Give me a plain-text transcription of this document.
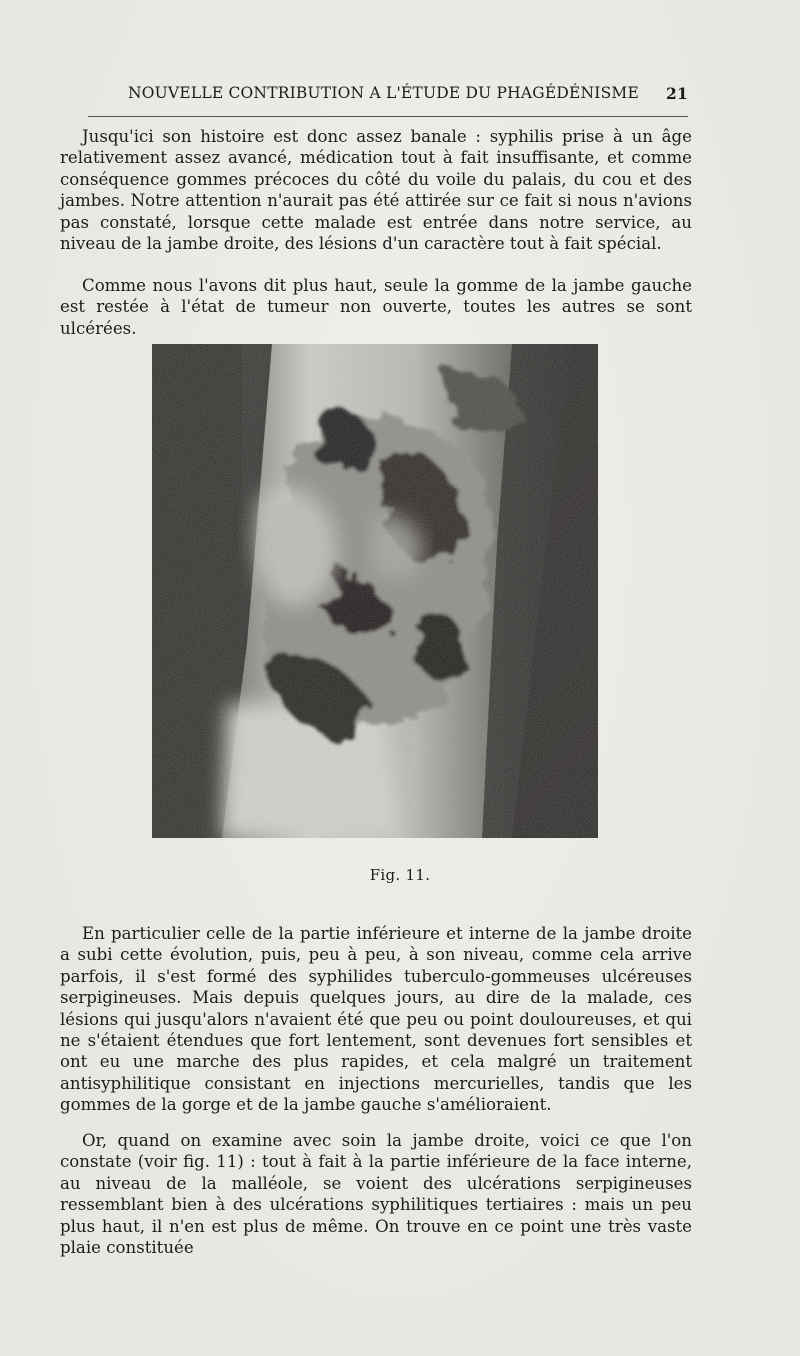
NOUVELLE CONTRIBUTION A L'ÉTUDE DU PHAGÉDÉNISME 21

Jusqu'ici son histoire est donc assez banale : syphilis prise à un âge relativement assez avancé, médication tout à fait insuffisante, et comme conséquence gommes précoces du côté du voile du palais, du cou et des jambes. Notre attention n'aurait pas été attirée sur ce fait si nous n'avions pas constaté, lorsque cette malade est entrée dans notre service, au niveau de la jambe droite, des lésions d'un caractère tout à fait spécial.

Comme nous l'avons dit plus haut, seule la gomme de la jambe gauche est restée à l'état de tumeur non ouverte, toutes les autres se sont ulcérées.

Fig. 11.

En particulier celle de la partie inférieure et interne de la jambe droite a subi cette évolution, puis, peu à peu, à son niveau, comme cela arrive parfois, il s'est formé des syphilides tuberculo-gommeuses ulcéreuses serpigineuses. Mais depuis quelques jours, au dire de la malade, ces lésions qui jusqu'alors n'avaient été que peu ou point douloureuses, et qui ne s'étaient étendues que fort lentement, sont devenues fort sensibles et ont eu une marche des plus rapides, et cela malgré un traitement antisyphilitique consistant en injections mercurielles, tandis que les gommes de la gorge et de la jambe gauche s'amélioraient.

Or, quand on examine avec soin la jambe droite, voici ce que l'on constate (voir fig. 11) : tout à fait à la partie inférieure de la face interne, au niveau de la malléole, se voient des ulcérations serpigineuses ressemblant bien à des ulcérations syphilitiques tertiaires : mais un peu plus haut, il n'en est plus de même. On trouve en ce point une très vaste plaie constituée
